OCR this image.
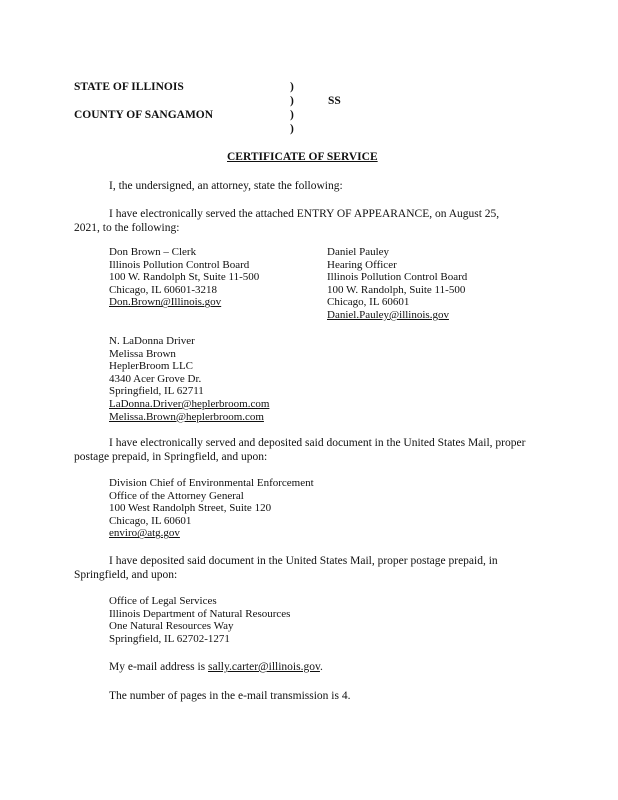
STATE OF ILLINOIS
COUNTY OF SANGAMON
)
)
)
)
SS
CERTIFICATE OF SERVICE
I, the undersigned, an attorney, state the following:
I have electronically served the attached ENTRY OF APPEARANCE, on August 25,
2021, to the following:
Don Brown – Clerk
Illinois Pollution Control Board
100 W. Randolph St, Suite 11-500
Chicago, IL 60601-3218
Don.Brown@Illinois.gov
Daniel Pauley
Hearing Officer
Illinois Pollution Control Board
100 W. Randolph, Suite 11-500
Chicago, IL 60601
Daniel.Pauley@illinois.gov
N. LaDonna Driver
Melissa Brown
HeplerBroom LLC
4340 Acer Grove Dr.
Springfield, IL 62711
LaDonna.Driver@heplerbroom.com
Melissa.Brown@heplerbroom.com
I have electronically served and deposited said document in the United States Mail, proper
postage prepaid, in Springfield, and upon:
Division Chief of Environmental Enforcement
Office of the Attorney General
100 West Randolph Street, Suite 120
Chicago, IL 60601
enviro@atg.gov
I have deposited said document in the United States Mail, proper postage prepaid, in
Springfield, and upon:
Office of Legal Services
Illinois Department of Natural Resources
One Natural Resources Way
Springfield, IL 62702-1271
My e-mail address is sally.carter@illinois.gov.
The number of pages in the e-mail transmission is 4.
